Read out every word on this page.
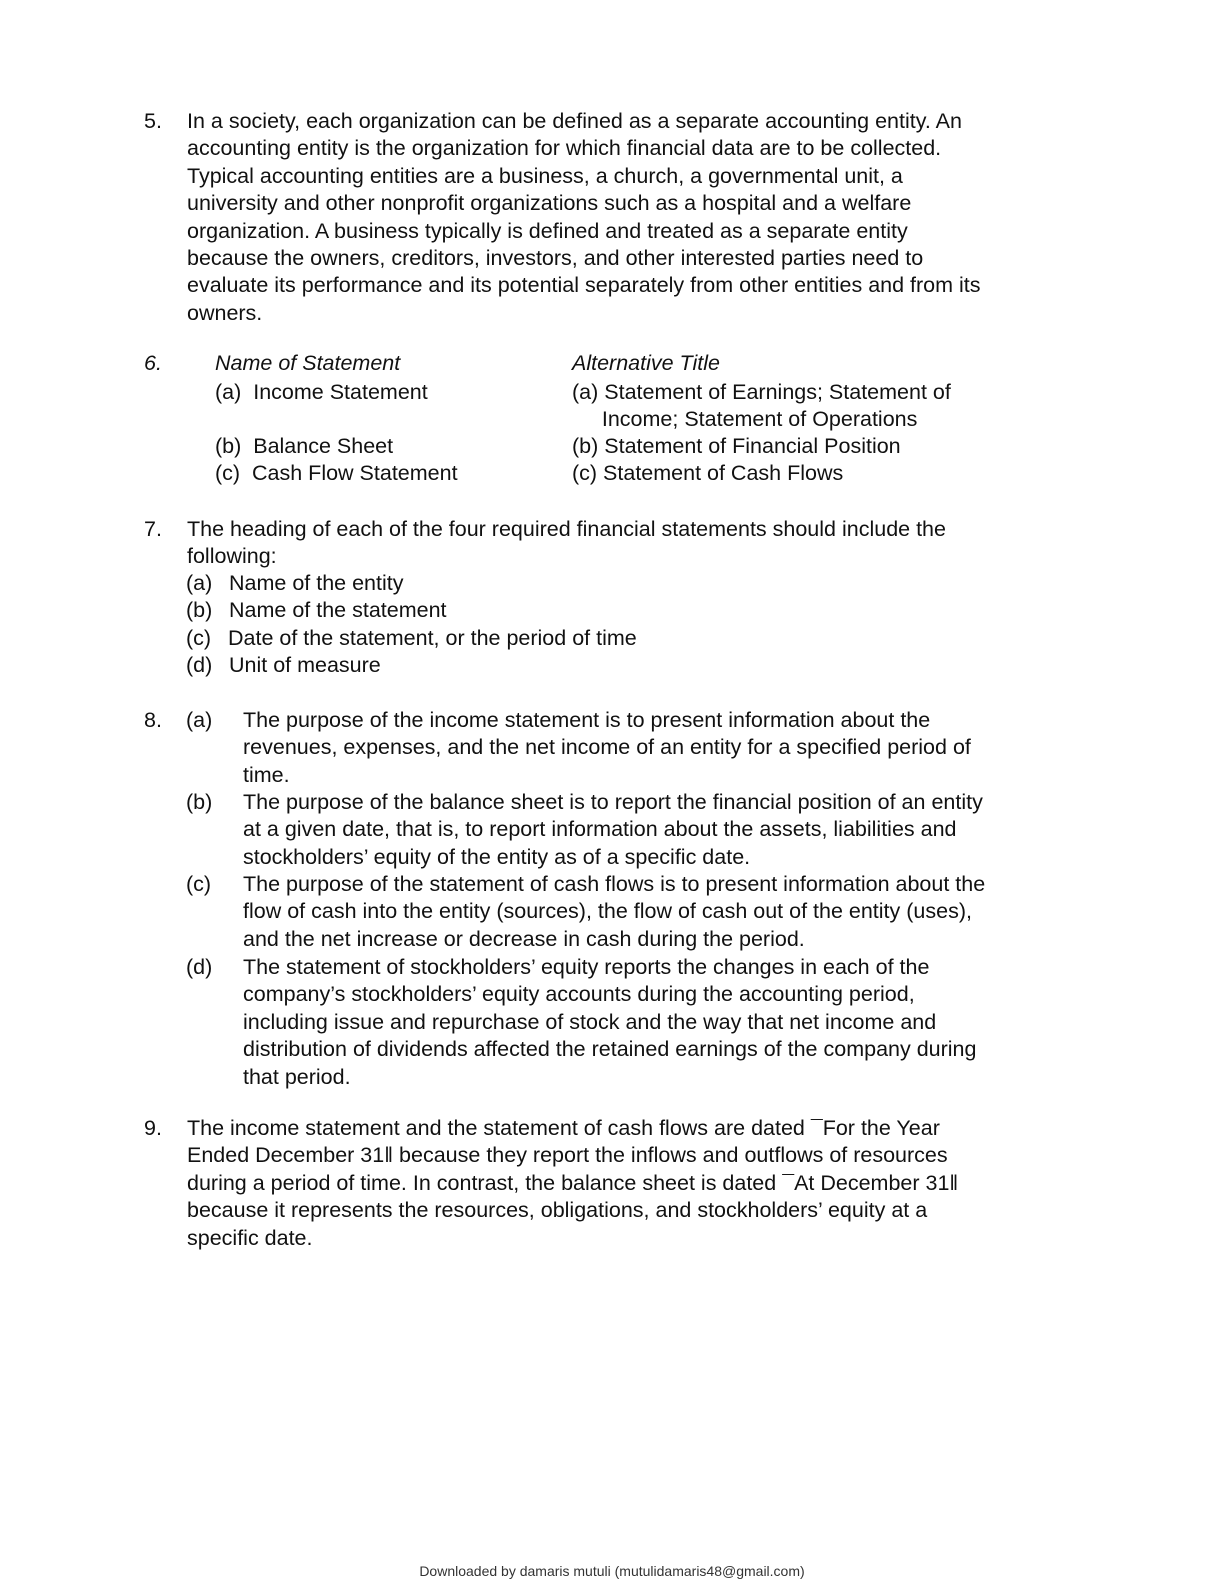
5. In a society, each organization can be defined as a separate accounting entity. An
accounting entity is the organization for which financial data are to be collected.
Typical accounting entities are a business, a church, a governmental unit, a
university and other nonprofit organizations such as a hospital and a welfare
organization. A business typically is defined and treated as a separate entity
because the owners, creditors, investors, and other interested parties need to
evaluate its performance and its potential separately from other entities and from its
owners.
6. Name of Statement	Alternative Title
(a)  Income Statement	(a) Statement of Earnings; Statement of
Income; Statement of Operations
(b)  Balance Sheet	(b) Statement of Financial Position
(c)  Cash Flow Statement	(c) Statement of Cash Flows
7. The heading of each of the four required financial statements should include the
following:
(a) Name of the entity
(b) Name of the statement
(c) Date of the statement, or the period of time
(d) Unit of measure
8. (a) The purpose of the income statement is to present information about the
revenues, expenses, and the net income of an entity for a specified period of
time.
(b) The purpose of the balance sheet is to report the financial position of an entity
at a given date, that is, to report information about the assets, liabilities and
stockholders’ equity of the entity as of a specific date.
(c) The purpose of the statement of cash flows is to present information about the
flow of cash into the entity (sources), the flow of cash out of the entity (uses),
and the net increase or decrease in cash during the period.
(d) The statement of stockholders’ equity reports the changes in each of the
company’s stockholders’ equity accounts during the accounting period,
including issue and repurchase of stock and the way that net income and
distribution of dividends affected the retained earnings of the company during
that period.
9. The income statement and the statement of cash flows are dated ¯For the Year
Ended December 31‖ because they report the inflows and outflows of resources
during a period of time. In contrast, the balance sheet is dated ¯At December 31‖
because it represents the resources, obligations, and stockholders’ equity at a
specific date.
Downloaded by damaris mutuli (mutulidamaris48@gmail.com)
